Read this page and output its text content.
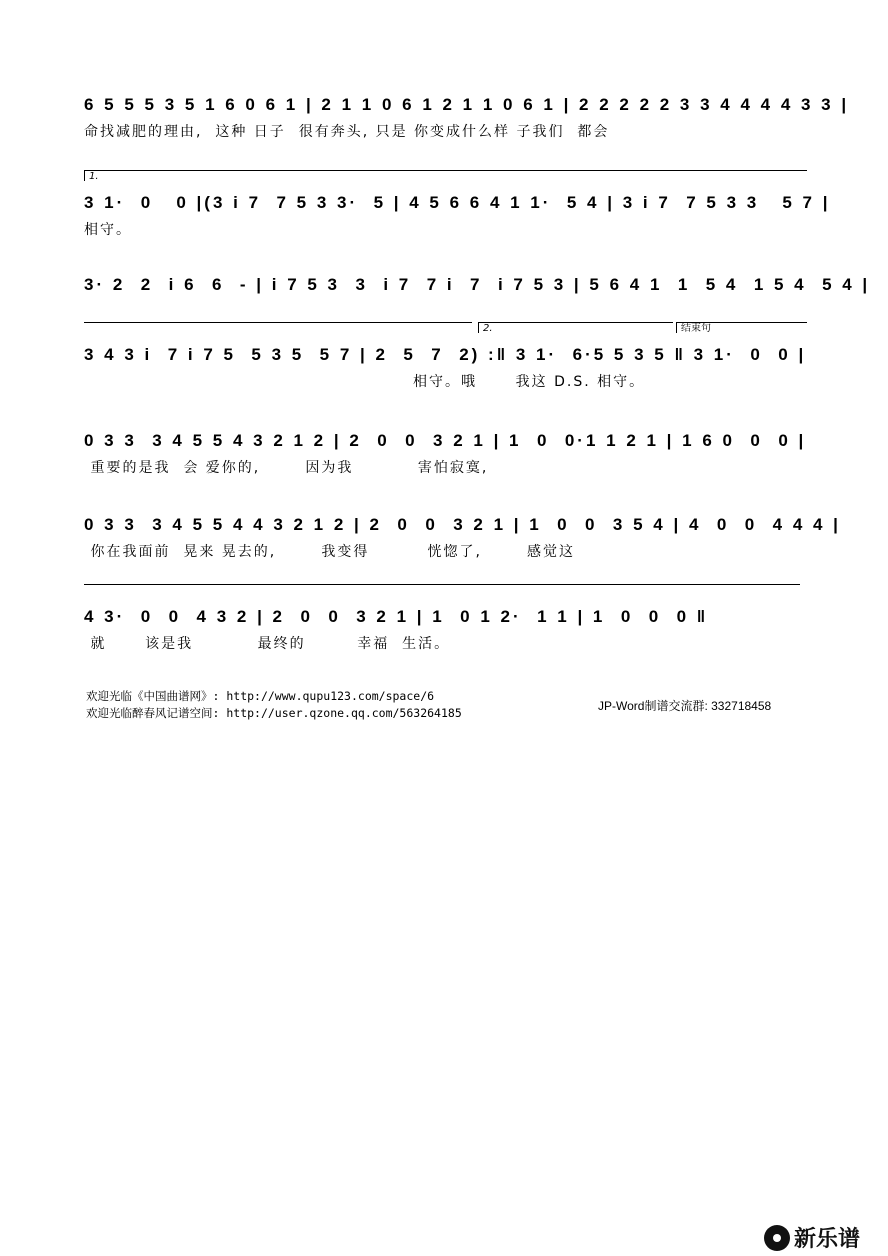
6 5 5 5 3 5 1 6 0 6 1 | 2 1 1 0 6 1 2 1 1 0 6 1 | 2 2 2 2 2 3 3 4 4 4 4 3 3 |
命找减肥的理由,  这种 日子  很有奔头, 只是 你变成什么样 子我们  都会
1.
3 1·  0   0 |(3 i 7  7 5 3 3·  5 | 4 5 6 6 4 1 1·  5 4 | 3 i 7  7 5 3 3   5 7 |
相守。
3· 2  2  i 6  6  - | i 7 5 3  3  i 7  7 i  7  i 7 5 3 | 5 6 4 1  1  5 4  1 5 4  5 4 |
2.	结束句
3 4 3 i  7 i 7 5  5 3 5  5 7 | 2  5  7  2) :‖ 3 1·  6·5 5 3 5 ‖ 3 1·  0  0 |
相守。哦      我这 D.S. 相守。
0 3 3  3 4 5 5 4 3 2 1 2 | 2  0  0  3 2 1 | 1  0  0·1 1 2 1 | 1 6 0  0  0 |
重要的是我  会 爱你的,       因为我          害怕寂寞,
0 3 3  3 4 5 5 4 4 3 2 1 2 | 2  0  0  3 2 1 | 1  0  0  3 5 4 | 4  0  0  4 4 4 |
你在我面前  晃来 晃去的,       我变得         恍惚了,       感觉这
4 3·  0  0  4 3 2 | 2  0  0  3 2 1 | 1  0 1 2·  1 1 | 1  0  0  0 ‖
就      该是我          最终的        幸福  生活。
欢迎光临《中国曲谱网》: http://www.qupu123.com/space/6
欢迎光临醉春风记谱空间: http://user.qzone.qq.com/563264185	JP-Word制谱交流群: 332718458
新乐谱
